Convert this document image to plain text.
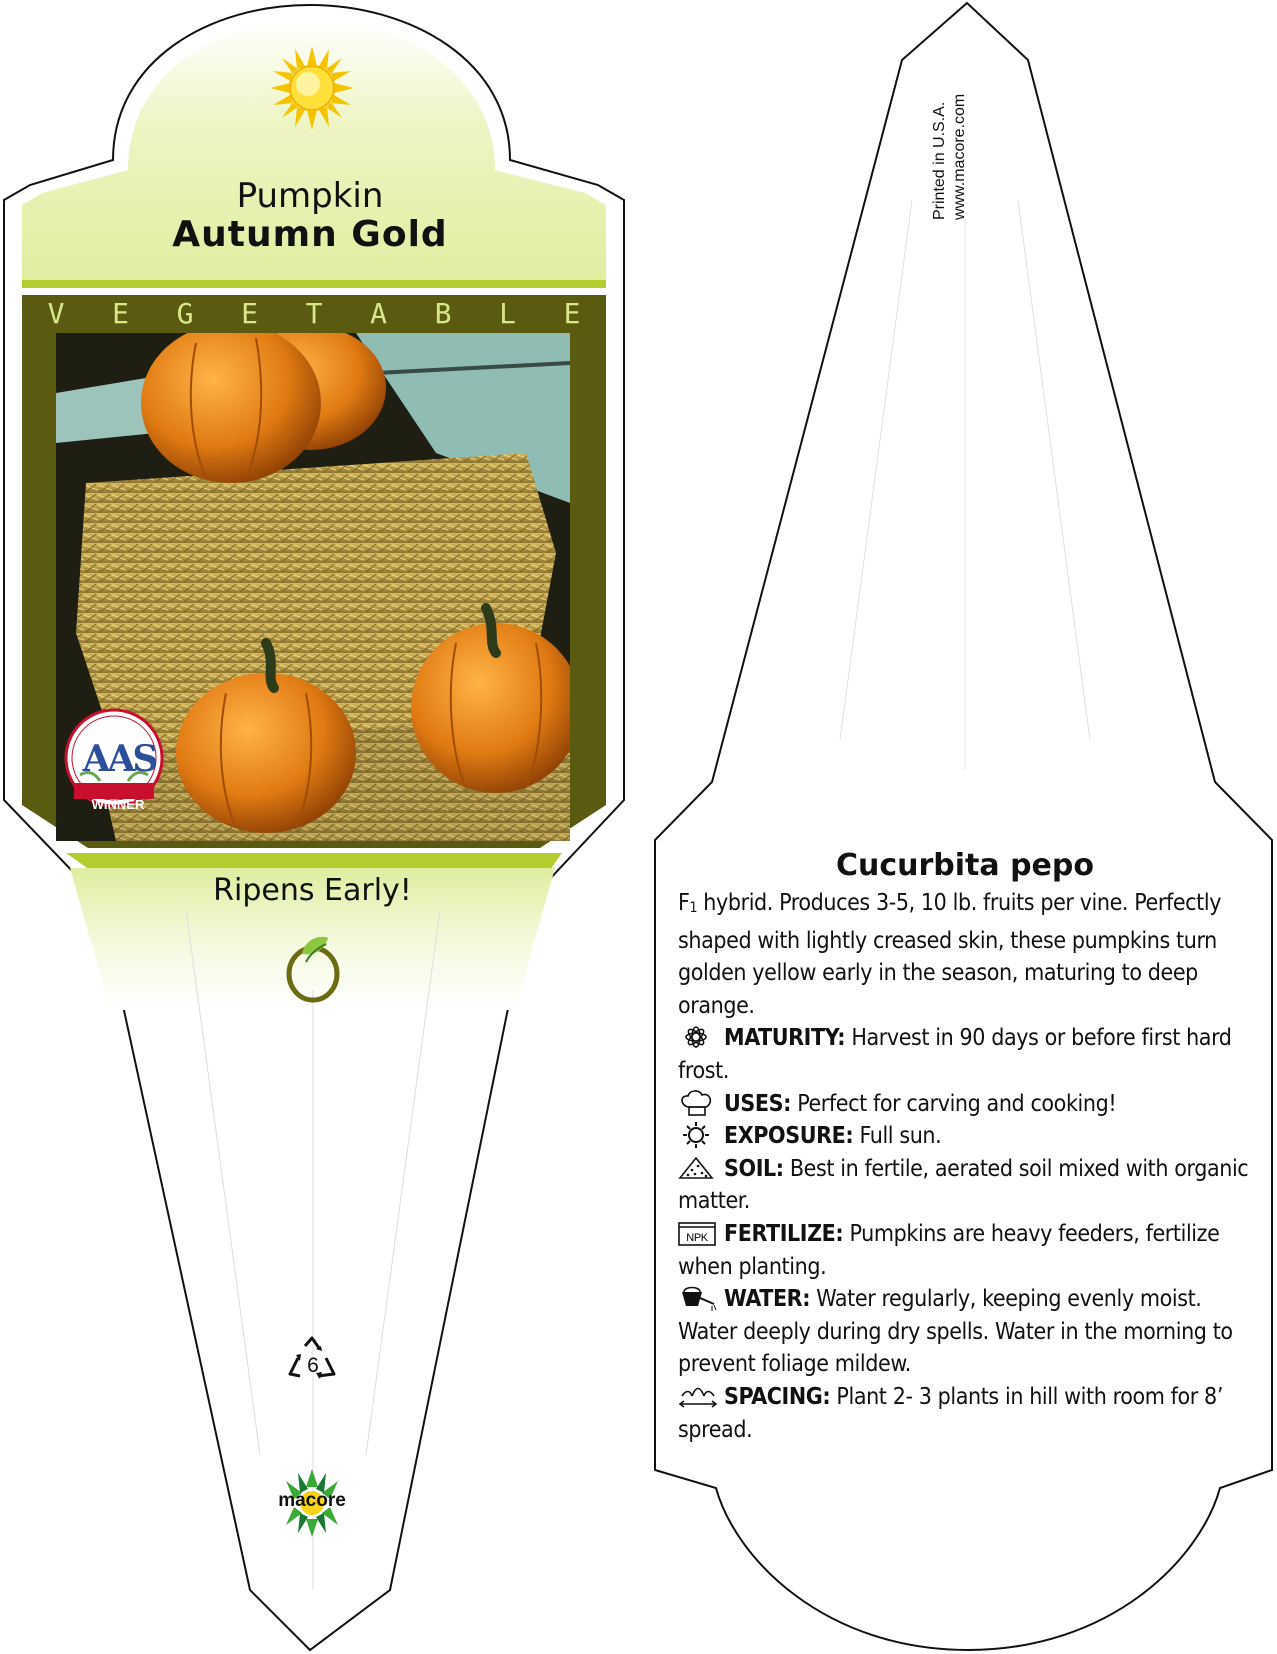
Pumpkin
Autumn Gold
V E G E T A B L E
AAS
WINNER
Ripens Early!
6
macore
Printed in U.S.A. www.macore.com
Cucurbita pepo

$F_1$ hybrid. Produces 3-5, 10 lb. fruits per vine. Perfectly shaped with lightly creased skin, these pumpkins turn golden yellow early in the season, maturing to deep orange.

MATURITY: Harvest in 90 days or before first hard frost.

USES: Perfect for carving and cooking!

EXPOSURE: Full sun.

SOIL: Best in fertile, aerated soil mixed with organic matter.

NPK FERTILIZE: Pumpkins are heavy feeders, fertilize when planting.

WATER: Water regularly, keeping evenly moist. Water deeply during dry spells. Water in the morning to prevent foliage mildew.

SPACING: Plant 2- 3 plants in hill with room for 8’ spread.
